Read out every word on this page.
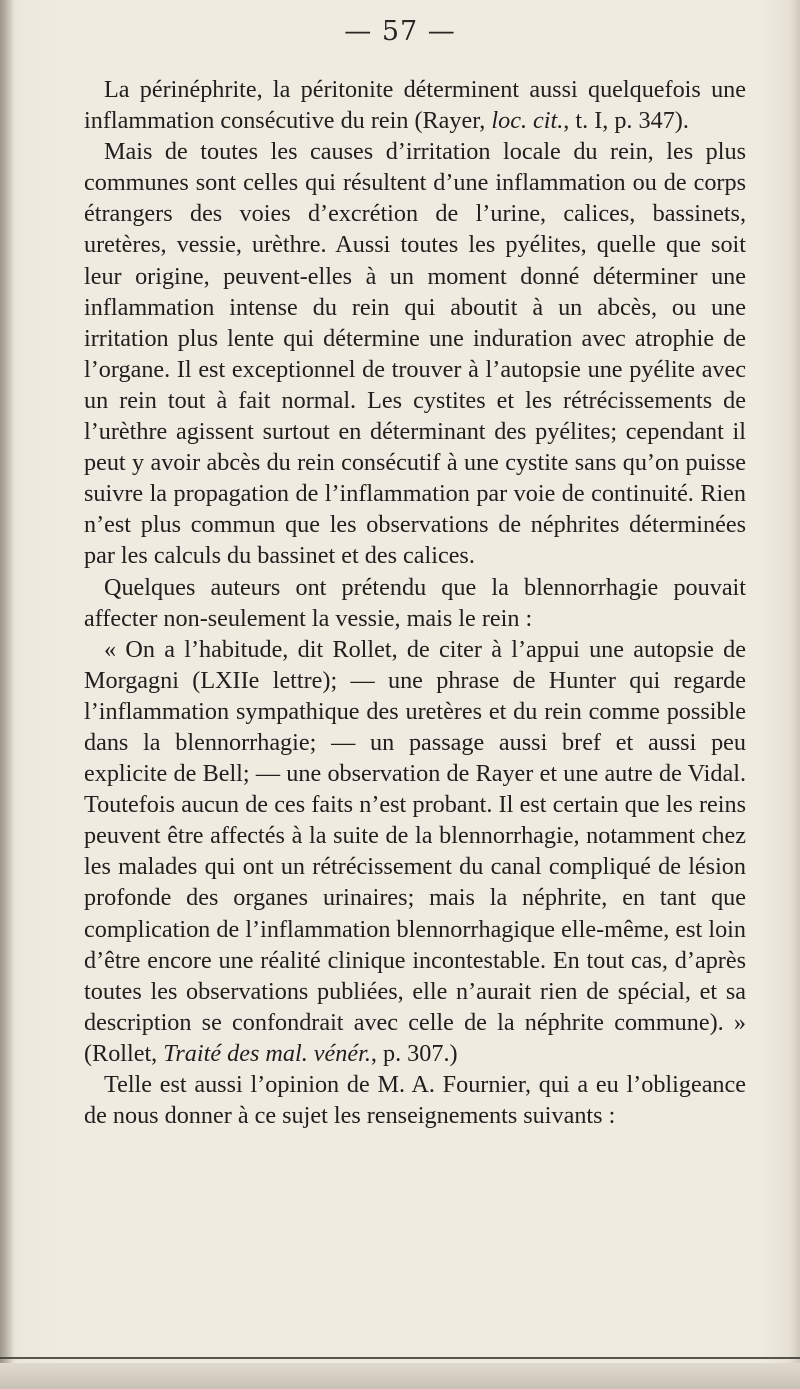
— 57 —

La périnéphrite, la péritonite déterminent aussi quelquefois une inflammation consécutive du rein (Rayer, loc. cit., t. I, p. 347).

Mais de toutes les causes d’irritation locale du rein, les plus communes sont celles qui résultent d’une inflammation ou de corps étrangers des voies d’excrétion de l’urine, calices, bassinets, uretères, vessie, urèthre. Aussi toutes les pyélites, quelle que soit leur origine, peuvent-elles à un moment donné déterminer une inflammation intense du rein qui aboutit à un abcès, ou une irritation plus lente qui détermine une induration avec atrophie de l’organe. Il est exceptionnel de trouver à l’autopsie une pyélite avec un rein tout à fait normal. Les cystites et les rétrécissements de l’urèthre agissent surtout en déterminant des pyélites; cependant il peut y avoir abcès du rein consécutif à une cystite sans qu’on puisse suivre la propagation de l’inflammation par voie de continuité. Rien n’est plus commun que les observations de néphrites déterminées par les calculs du bassinet et des calices.

Quelques auteurs ont prétendu que la blennorrhagie pouvait affecter non-seulement la vessie, mais le rein :

« On a l’habitude, dit Rollet, de citer à l’appui une autopsie de Morgagni (LXIIe lettre); — une phrase de Hunter qui regarde l’inflammation sympathique des uretères et du rein comme possible dans la blennorrhagie; — un passage aussi bref et aussi peu explicite de Bell; — une observation de Rayer et une autre de Vidal. Toutefois aucun de ces faits n’est probant. Il est certain que les reins peuvent être affectés à la suite de la blennorrhagie, notamment chez les malades qui ont un rétrécissement du canal compliqué de lésion profonde des organes urinaires; mais la néphrite, en tant que complication de l’inflammation blennorrhagique elle-même, est loin d’être encore une réalité clinique incontestable. En tout cas, d’après toutes les observations publiées, elle n’aurait rien de spécial, et sa description se confondrait avec celle de la néphrite commune). » (Rollet, Traité des mal. vénér., p. 307.)

Telle est aussi l’opinion de M. A. Fournier, qui a eu l’obligeance de nous donner à ce sujet les renseignements suivants :
